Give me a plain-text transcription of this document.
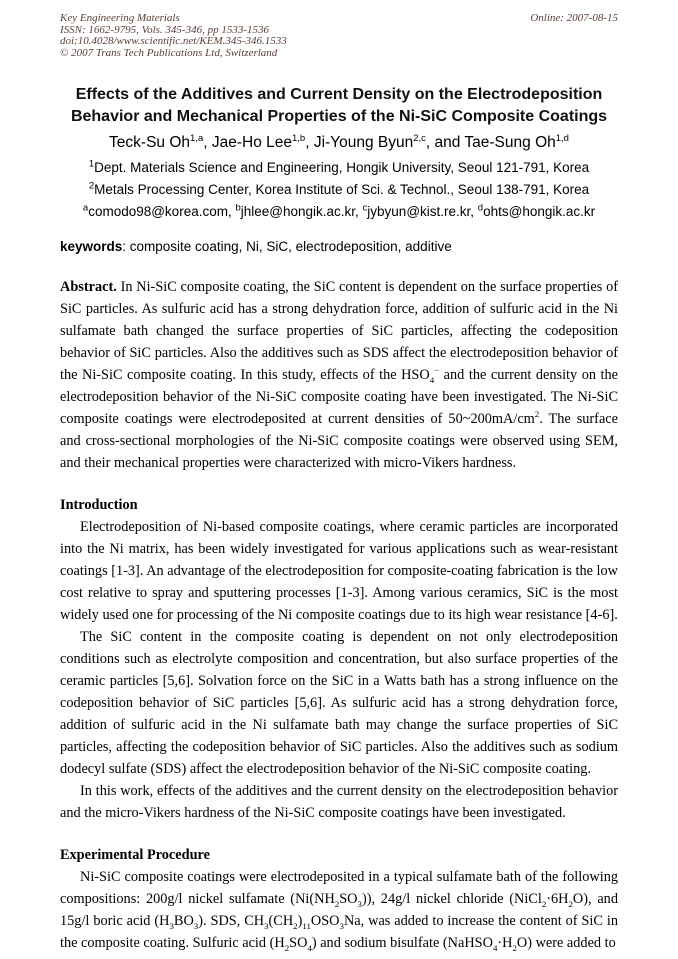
Key Engineering Materials
ISSN: 1662-9795, Vols. 345-346, pp 1533-1536
doi:10.4028/www.scientific.net/KEM.345-346.1533
© 2007 Trans Tech Publications Ltd, Switzerland
Online: 2007-08-15
Effects of the Additives and Current Density on the Electrodeposition
Behavior and Mechanical Properties of the Ni-SiC Composite Coatings
Teck-Su Oh$^{1,a}$, Jae-Ho Lee$^{1,b}$, Ji-Young Byun$^{2,c}$, and Tae-Sung Oh$^{1,d}$
$^1$Dept. Materials Science and Engineering, Hongik University, Seoul 121-791, Korea
$^2$Metals Processing Center, Korea Institute of Sci. & Technol., Seoul 138-791, Korea
$^a$comodo98@korea.com, $^b$jhlee@hongik.ac.kr, $^c$jybyun@kist.re.kr, $^d$ohts@hongik.ac.kr
keywords: composite coating, Ni, SiC, electrodeposition, additive
Abstract. In Ni-SiC composite coating, the SiC content is dependent on the surface properties of SiC particles. As sulfuric acid has a strong dehydration force, addition of sulfuric acid in the Ni sulfamate bath changed the surface properties of SiC particles, affecting the codeposition behavior of SiC particles. Also the additives such as SDS affect the electrodeposition behavior of the Ni-SiC composite coating. In this study, effects of the $HSO_4^-$ and the current density on the electrodeposition behavior of the Ni-SiC composite coating have been investigated. The Ni-SiC composite coatings were electrodeposited at current densities of $50\sim 200mA/cm^2$. The surface and cross-sectional morphologies of the Ni-SiC composite coatings were observed using SEM, and their mechanical properties were characterized with micro-Vikers hardness.
Introduction
Electrodeposition of Ni-based composite coatings, where ceramic particles are incorporated into the Ni matrix, has been widely investigated for various applications such as wear-resistant coatings [1-3]. An advantage of the electrodeposition for composite-coating fabrication is the low cost relative to spray and sputtering processes [1-3]. Among various ceramics, SiC is the most widely used one for processing of the Ni composite coatings due to its high wear resistance [4-6].
The SiC content in the composite coating is dependent on not only electrodeposition conditions such as electrolyte composition and concentration, but also surface properties of the ceramic particles [5,6]. Solvation force on the SiC in a Watts bath has a strong influence on the codeposition behavior of SiC particles [5,6]. As sulfuric acid has a strong dehydration force, addition of sulfuric acid in the Ni sulfamate bath may change the surface properties of SiC particles, affecting the codeposition behavior of SiC particles. Also the additives such as sodium dodecyl sulfate (SDS) affect the electrodeposition behavior of the Ni-SiC composite coating.
In this work, effects of the additives and the current density on the electrodeposition behavior and the micro-Vikers hardness of the Ni-SiC composite coatings have been investigated.
Experimental Procedure
Ni-SiC composite coatings were electrodeposited in a typical sulfamate bath of the following compositions: 200g/l nickel sulfamate $(Ni(NH_2SO_3))$, 24g/l nickel chloride $(NiCl_2\cdot 6H_2O)$, and 15g/l boric acid $(H_3BO_3)$. SDS, $CH_3(CH_2)_{11}OSO_3Na$, was added to increase the content of SiC in the composite coating. Sulfuric acid $(H_2SO_4)$ and sodium bisulfate $(NaHSO_4\cdot H_2O)$ were added to
